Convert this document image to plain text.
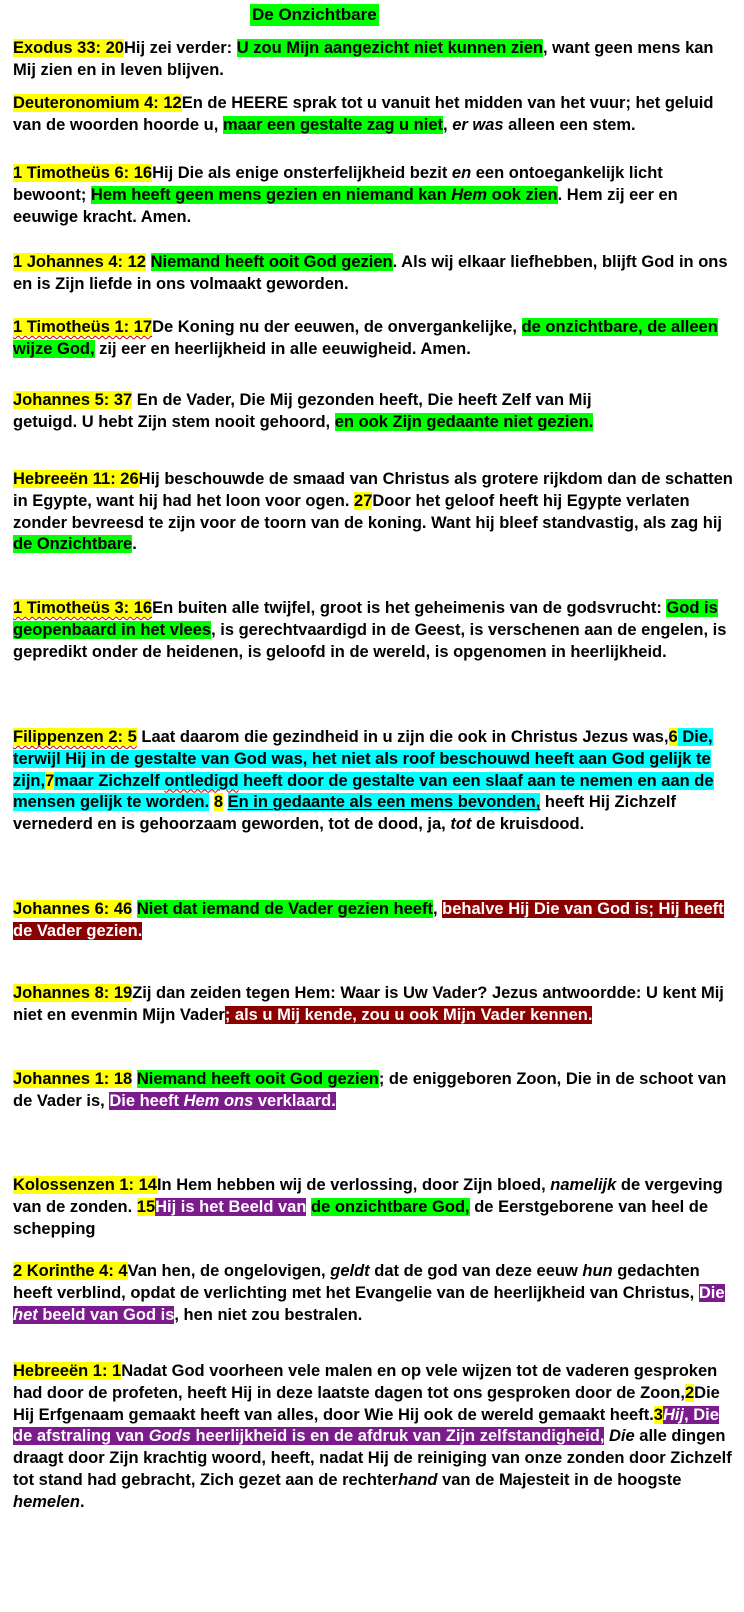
De Onzichtbare
Exodus 33: 20Hij zei verder: U zou Mijn aangezicht niet kunnen zien, want geen mens kan Mij zien en in leven blijven.
Deuteronomium 4: 12En de HEERE sprak tot u vanuit het midden van het vuur; het geluid van de woorden hoorde u, maar een gestalte zag u niet, er was alleen een stem.
1 Timotheüs 6: 16Hij Die als enige onsterfelijkheid bezit en een ontoegankelijk licht bewoont; Hem heeft geen mens gezien en niemand kan Hem ook zien. Hem zij eer en eeuwige kracht. Amen.
1 Johannes 4: 12 Niemand heeft ooit God gezien. Als wij elkaar liefhebben, blijft God in ons en is Zijn liefde in ons volmaakt geworden.
1 Timotheüs 1: 17De Koning nu der eeuwen, de onvergankelijke, de onzichtbare, de alleen wijze God, zij eer en heerlijkheid in alle eeuwigheid. Amen.
Johannes 5: 37 En de Vader, Die Mij gezonden heeft, Die heeft Zelf van Mij getuigd. U hebt Zijn stem nooit gehoord, en ook Zijn gedaante niet gezien.
Hebreeën 11: 26Hij beschouwde de smaad van Christus als grotere rijkdom dan de schatten in Egypte, want hij had het loon voor ogen. 27Door het geloof heeft hij Egypte verlaten zonder bevreesd te zijn voor de toorn van de koning. Want hij bleef standvastig, als zag hij de Onzichtbare.
1 Timotheüs 3: 16En buiten alle twijfel, groot is het geheimenis van de godsvrucht: God is geopenbaard in het vlees, is gerechtvaardigd in de Geest, is verschenen aan de engelen, is gepredikt onder de heidenen, is geloofd in de wereld, is opgenomen in heerlijkheid.
Filippenzen 2: 5 Laat daarom die gezindheid in u zijn die ook in Christus Jezus was,6 Die, terwijl Hij in de gestalte van God was, het niet als roof beschouwd heeft aan God gelijk te zijn,7maar Zichzelf ontledigd heeft door de gestalte van een slaaf aan te nemen en aan de mensen gelijk te worden. 8 En in gedaante als een mens bevonden, heeft Hij Zichzelf vernederd en is gehoorzaam geworden, tot de dood, ja, tot de kruisdood.
Johannes 6: 46 Niet dat iemand de Vader gezien heeft, behalve Hij Die van God is; Hij heeft de Vader gezien.
Johannes 8: 19Zij dan zeiden tegen Hem: Waar is Uw Vader? Jezus antwoordde: U kent Mij niet en evenmin Mijn Vader; als u Mij kende, zou u ook Mijn Vader kennen.
Johannes 1: 18 Niemand heeft ooit God gezien; de eniggeboren Zoon, Die in de schoot van de Vader is, Die heeft Hem ons verklaard.
Kolossenzen 1: 14In Hem hebben wij de verlossing, door Zijn bloed, namelijk de vergeving van de zonden. 15Hij is het Beeld van de onzichtbare God, de Eerstgeborene van heel de schepping
2 Korinthe 4: 4Van hen, de ongelovigen, geldt dat de god van deze eeuw hun gedachten heeft verblind, opdat de verlichting met het Evangelie van de heerlijkheid van Christus, Die het beeld van God is, hen niet zou bestralen.
Hebreeën 1: 1Nadat God voorheen vele malen en op vele wijzen tot de vaderen gesproken had door de profeten, heeft Hij in deze laatste dagen tot ons gesproken door de Zoon,2Die Hij Erfgenaam gemaakt heeft van alles, door Wie Hij ook de wereld gemaakt heeft.3Hij, Die de afstraling van Gods heerlijkheid is en de afdruk van Zijn zelfstandigheid, Die alle dingen draagt door Zijn krachtig woord, heeft, nadat Hij de reiniging van onze zonden door Zichzelf tot stand had gebracht, Zich gezet aan de rechterhand van de Majesteit in de hoogste hemelen.
